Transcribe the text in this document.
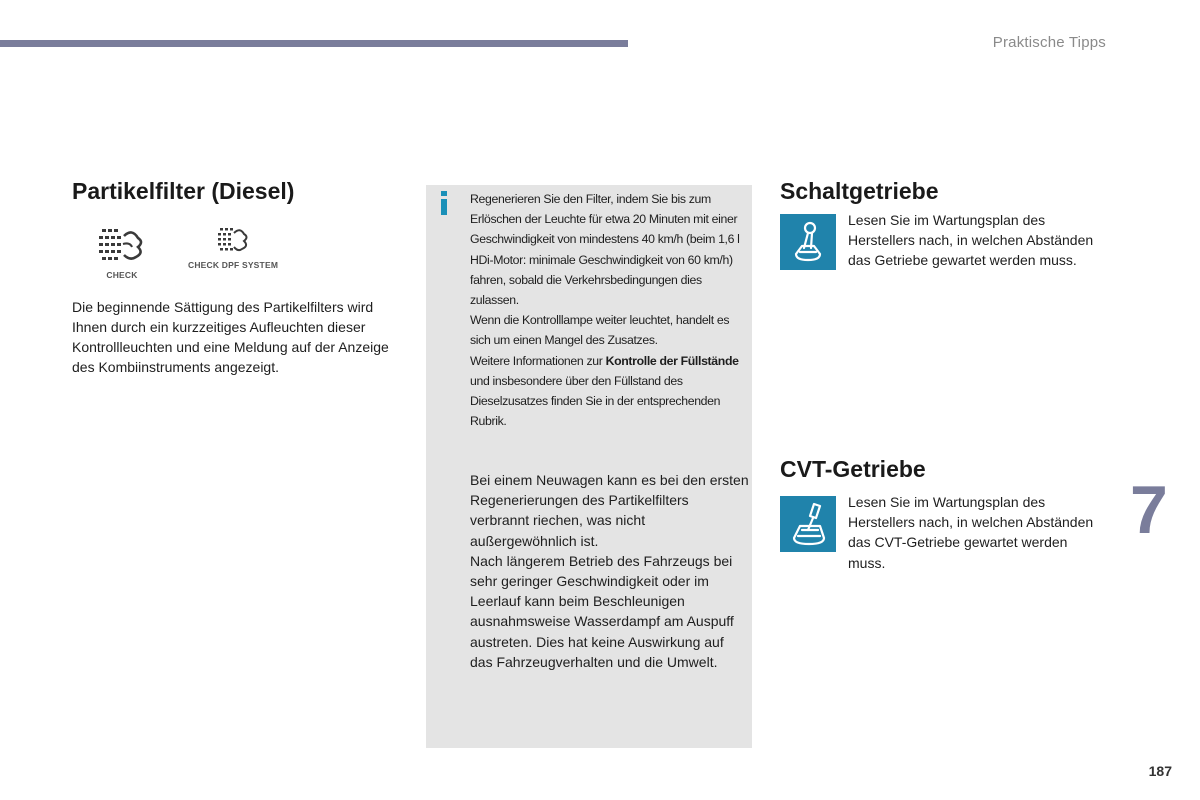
Praktische Tipps
Partikelfilter (Diesel)
CHECK
CHECK DPF SYSTEM
Die beginnende Sättigung des Partikelfilters wird Ihnen durch ein kurzzeitiges Aufleuchten dieser Kontrollleuchten und eine Meldung auf der Anzeige des Kombiinstruments angezeigt.
Regenerieren Sie den Filter, indem Sie bis zum Erlöschen der Leuchte für etwa 20 Minuten mit einer Geschwindigkeit von mindestens 40 km/h (beim 1,6 l HDi-Motor: minimale Geschwindigkeit von 60 km/h) fahren, sobald die Verkehrsbedingungen dies zulassen.
Wenn die Kontrolllampe weiter leuchtet, handelt es sich um einen Mangel des Zusatzes.
Weitere Informationen zur Kontrolle der Füllstände und insbesondere über den Füllstand des Dieselzusatzes finden Sie in der entsprechenden Rubrik.
Bei einem Neuwagen kann es bei den ersten Regenerierungen des Partikelfilters verbrannt riechen, was nicht außergewöhnlich ist.
Nach längerem Betrieb des Fahrzeugs bei sehr geringer Geschwindigkeit oder im Leerlauf kann beim Beschleunigen ausnahmsweise Wasserdampf am Auspuff austreten. Dies hat keine Auswirkung auf das Fahrzeugverhalten und die Umwelt.
Schaltgetriebe
Lesen Sie im Wartungsplan des Herstellers nach, in welchen Abständen das Getriebe gewartet werden muss.
CVT-Getriebe
Lesen Sie im Wartungsplan des Herstellers nach, in welchen Abständen das CVT-Getriebe gewartet werden muss.
7
187
